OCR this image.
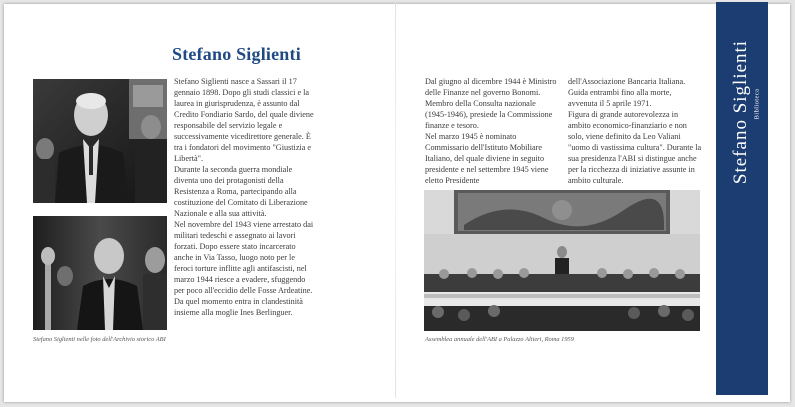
Stefano Siglienti

Stefano Siglienti nasce a Sassari il 17 gennaio 1898. Dopo gli studi classici e la laurea in giurisprudenza, è assunto dal Credito Fondiario Sardo, del quale diviene responsabile del servizio legale e successivamente vicedirettore generale. È tra i fondatori del movimento "Giustizia e Libertà".

Durante la seconda guerra mondiale diventa uno dei protagonisti della Resistenza a Roma, partecipando alla costituzione del Comitato di Liberazione Nazionale e alla sua attività.

Nel novembre del 1943 viene arrestato dai militari tedeschi e assegnato ai lavori forzati. Dopo essere stato incarcerato anche in Via Tasso, luogo noto per le feroci torture inflitte agli antifascisti, nel marzo 1944 riesce a evadere, sfuggendo per poco all'eccidio delle Fosse Ardeatine. Da quel momento entra in clandestinità insieme alla moglie Ines Berlinguer.

Stefano Siglienti nelle foto dell'Archivio storico ABI

Dal giugno al dicembre 1944 è Ministro delle Finanze nel governo Bonomi. Membro della Consulta nazionale (1945-1946), presiede la Commissione finanze e tesoro.

Nel marzo 1945 è nominato Commissario dell'Istituto Mobiliare Italiano, del quale diviene in seguito presidente e nel settembre 1945 viene eletto Presidente

dell'Associazione Bancaria Italiana. Guida entrambi fino alla morte, avvenuta il 5 aprile 1971.

Figura di grande autorevolezza in ambito economico-finanziario e non solo, viene definito da Leo Valiani "uomo di vastissima cultura". Durante la sua presidenza l'ABI si distingue anche per la ricchezza di iniziative assunte in ambito culturale.

Assemblea annuale dell'ABI a Palazzo Altieri, Roma 1959

Stefano Siglienti Biblioteca
